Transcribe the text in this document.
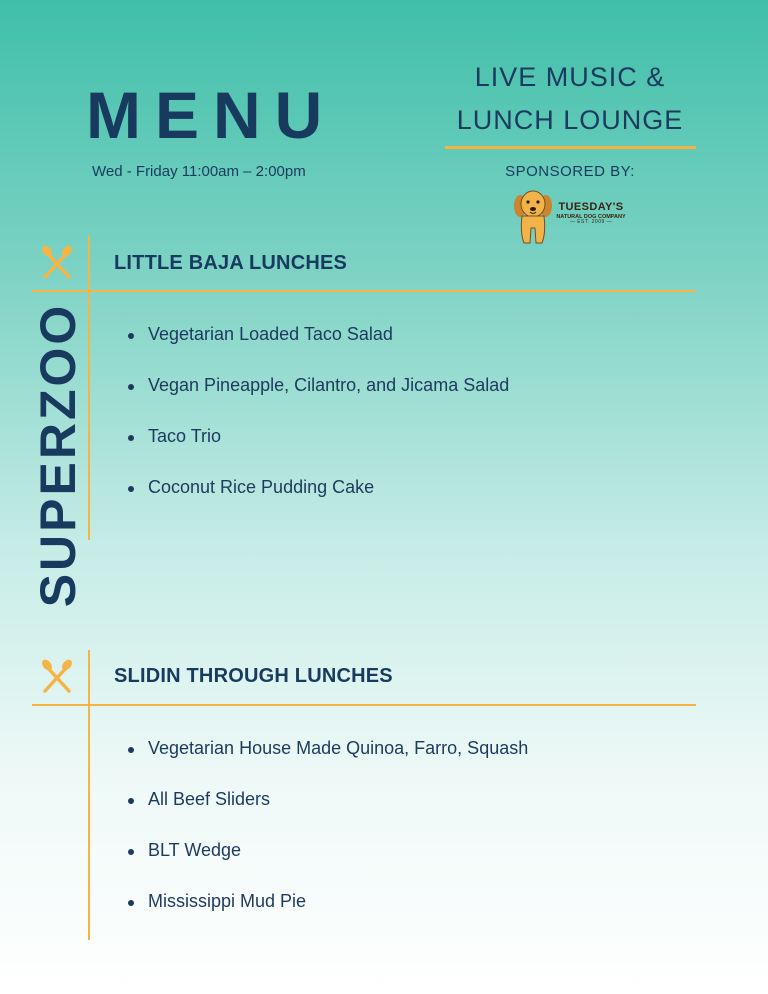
MENU
Wed - Friday 11:00am – 2:00pm
LIVE MUSIC &
LUNCH LOUNGE
SPONSORED BY:
TUESDAY'S
NATURAL DOG COMPANY
— EST. 2009 —
SUPERZOO
LITTLE BAJA LUNCHES
Vegetarian Loaded Taco Salad
Vegan Pineapple, Cilantro, and Jicama Salad
Taco Trio
Coconut Rice Pudding Cake
SLIDIN THROUGH LUNCHES
Vegetarian House Made Quinoa, Farro, Squash
All Beef Sliders
BLT Wedge
Mississippi Mud Pie
